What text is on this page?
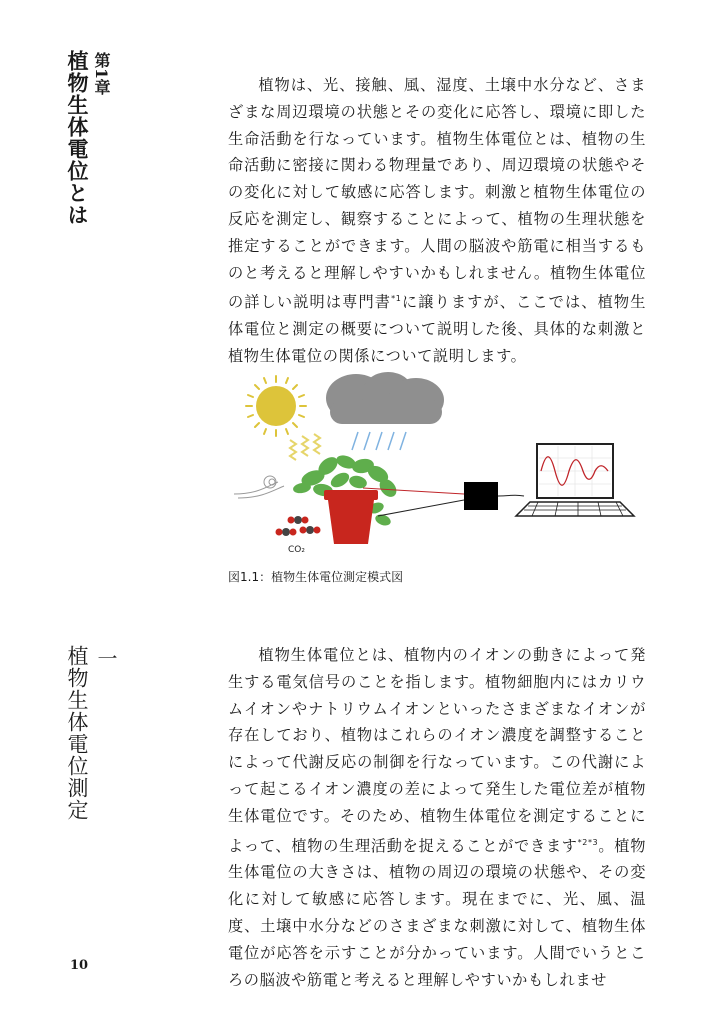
第1章
植物生体電位とは	植物は、光、接触、風、湿度、土壌中水分など、さまざまな周辺環境の状態とその変化に応答し、環境に即した生命活動を行なっています。植物生体電位とは、植物の生命活動に密接に関わる物理量であり、周辺環境の状態やその変化に対して敏感に応答します。刺激と植物生体電位の反応を測定し、観察することによって、植物の生理状態を推定することができます。人間の脳波や筋電に相当するものと考えると理解しやすいかもしれません。植物生体電位の詳しい説明は専門書$^{*1}$に譲りますが、ここでは、植物生体電位と測定の概要について説明した後、具体的な刺激と植物生体電位の関係について説明します。

CO₂
図1.1：植物生体電位測定模式図
一
植物生体電位測定	植物生体電位とは、植物内のイオンの動きによって発生する電気信号のことを指します。植物細胞内にはカリウムイオンやナトリウムイオンといったさまざまなイオンが存在しており、植物はこれらのイオン濃度を調整することによって代謝反応の制御を行なっています。この代謝によって起こるイオン濃度の差によって発生した電位差が植物生体電位です。そのため、植物生体電位を測定することによって、植物の生理活動を捉えることができます$^{*2*3}$。植物生体電位の大きさは、植物の周辺の環境の状態や、その変化に対して敏感に応答します。現在までに、光、風、温度、土壌中水分などのさまざまな刺激に対して、植物生体電位が応答を示すことが分かっています。人間でいうところの脳波や筋電と考えると理解しやすいかもしれませ

10
